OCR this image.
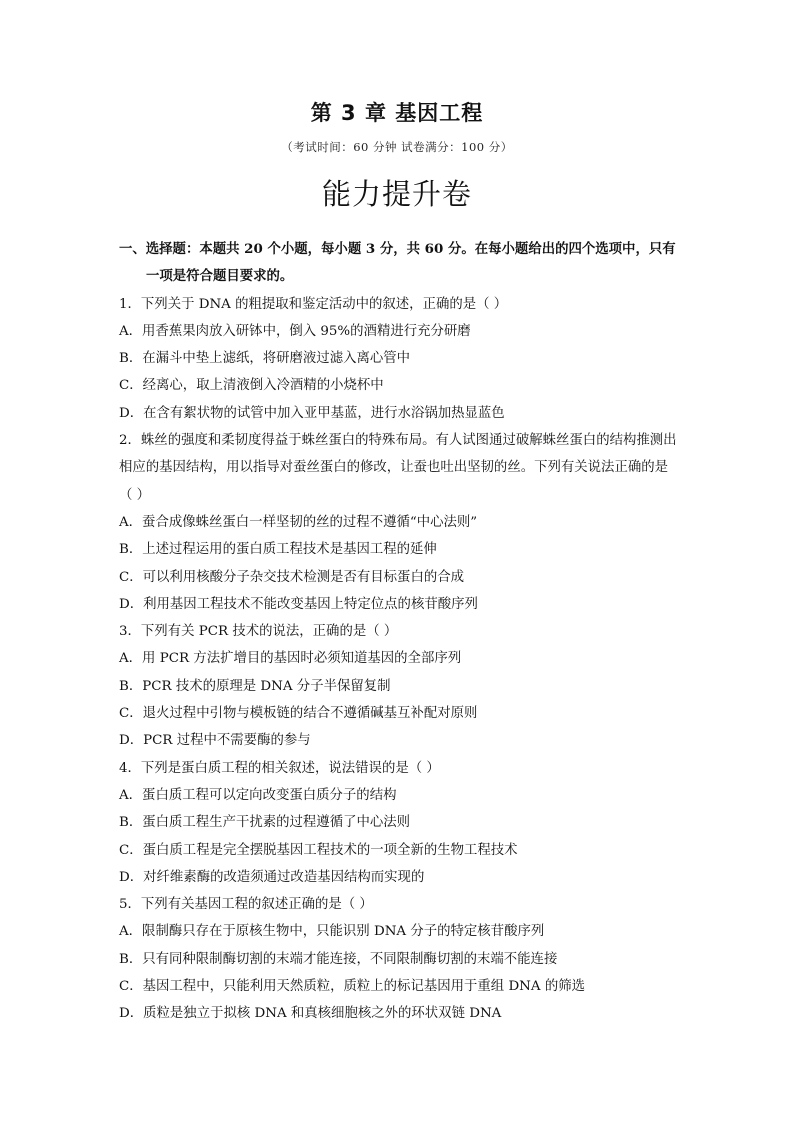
第 3 章 基因工程
（考试时间：60 分钟 试卷满分：100 分）
能力提升卷
一、选择题：本题共 20 个小题，每小题 3 分，共 60 分。在每小题给出的四个选项中，只有一项是符合题目要求的。
1．下列关于 DNA 的粗提取和鉴定活动中的叙述，正确的是（ ）
A．用香蕉果肉放入研钵中，倒入 95%的酒精进行充分研磨
B．在漏斗中垫上滤纸，将研磨液过滤入离心管中
C．经离心，取上清液倒入冷酒精的小烧杯中
D．在含有絮状物的试管中加入亚甲基蓝，进行水浴锅加热显蓝色
2．蛛丝的强度和柔韧度得益于蛛丝蛋白的特殊布局。有人试图通过破解蛛丝蛋白的结构推测出相应的基因结构，用以指导对蚕丝蛋白的修改，让蚕也吐出坚韧的丝。下列有关说法正确的是（ ）
A．蚕合成像蛛丝蛋白一样坚韧的丝的过程不遵循“中心法则”
B．上述过程运用的蛋白质工程技术是基因工程的延伸
C．可以利用核酸分子杂交技术检测是否有目标蛋白的合成
D．利用基因工程技术不能改变基因上特定位点的核苷酸序列
3．下列有关 PCR 技术的说法，正确的是（ ）
A．用 PCR 方法扩增目的基因时必须知道基因的全部序列
B．PCR 技术的原理是 DNA 分子半保留复制
C．退火过程中引物与模板链的结合不遵循碱基互补配对原则
D．PCR 过程中不需要酶的参与
4．下列是蛋白质工程的相关叙述，说法错误的是（ ）
A．蛋白质工程可以定向改变蛋白质分子的结构
B．蛋白质工程生产干扰素的过程遵循了中心法则
C．蛋白质工程是完全摆脱基因工程技术的一项全新的生物工程技术
D．对纤维素酶的改造须通过改造基因结构而实现的
5．下列有关基因工程的叙述正确的是（ ）
A．限制酶只存在于原核生物中，只能识别 DNA 分子的特定核苷酸序列
B．只有同种限制酶切割的末端才能连接，不同限制酶切割的末端不能连接
C．基因工程中，只能利用天然质粒，质粒上的标记基因用于重组 DNA 的筛选
D．质粒是独立于拟核 DNA 和真核细胞核之外的环状双链 DNA
